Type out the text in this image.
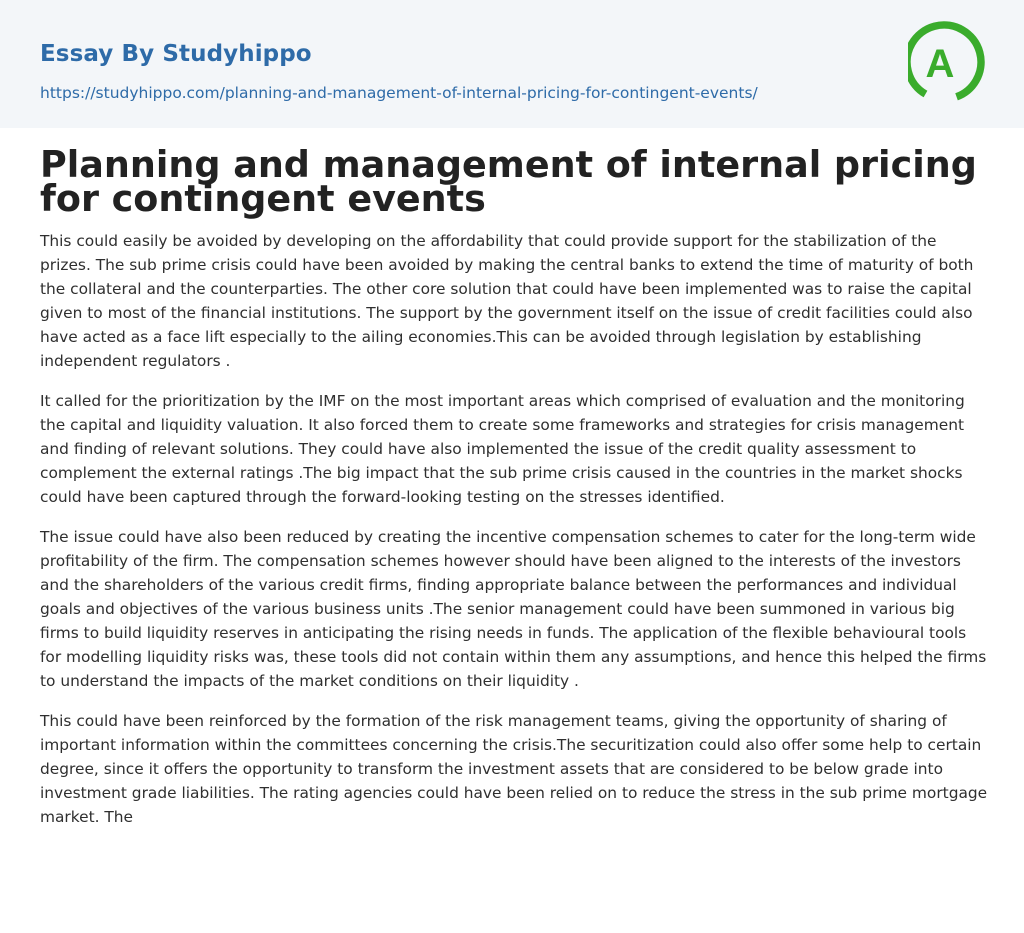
Essay By Studyhippo
https://studyhippo.com/planning-and-management-of-internal-pricing-for-contingent-events/
A
Planning and management of internal pricing for contingent events

This could easily be avoided by developing on the affordability that could provide support for the stabilization of the prizes. The sub prime crisis could have been avoided by making the central banks to extend the time of maturity of both the collateral and the counterparties. The other core solution that could have been implemented was to raise the capital given to most of the financial institutions. The support by the government itself on the issue of credit facilities could also have acted as a face lift especially to the ailing economies.This can be avoided through legislation by establishing independent regulators .

It called for the prioritization by the IMF on the most important areas which comprised of evaluation and the monitoring the capital and liquidity valuation. It also forced them to create some frameworks and strategies for crisis management and finding of relevant solutions. They could have also implemented the issue of the credit quality assessment to complement the external ratings .The big impact that the sub prime crisis caused in the countries in the market shocks could have been captured through the forward-looking testing on the stresses identified.

The issue could have also been reduced by creating the incentive compensation schemes to cater for the long-term wide profitability of the firm. The compensation schemes however should have been aligned to the interests of the investors and the shareholders of the various credit firms, finding appropriate balance between the performances and individual goals and objectives of the various business units .The senior management could have been summoned in various big firms to build liquidity reserves in anticipating the rising needs in funds. The application of the flexible behavioural tools for modelling liquidity risks was, these tools did not contain within them any assumptions, and hence this helped the firms to understand the impacts of the market conditions on their liquidity .

This could have been reinforced by the formation of the risk management teams, giving the opportunity of sharing of important information within the committees concerning the crisis.The securitization could also offer some help to certain degree, since it offers the opportunity to transform the investment assets that are considered to be below grade into investment grade liabilities. The rating agencies could have been relied on to reduce the stress in the sub prime mortgage market. The
